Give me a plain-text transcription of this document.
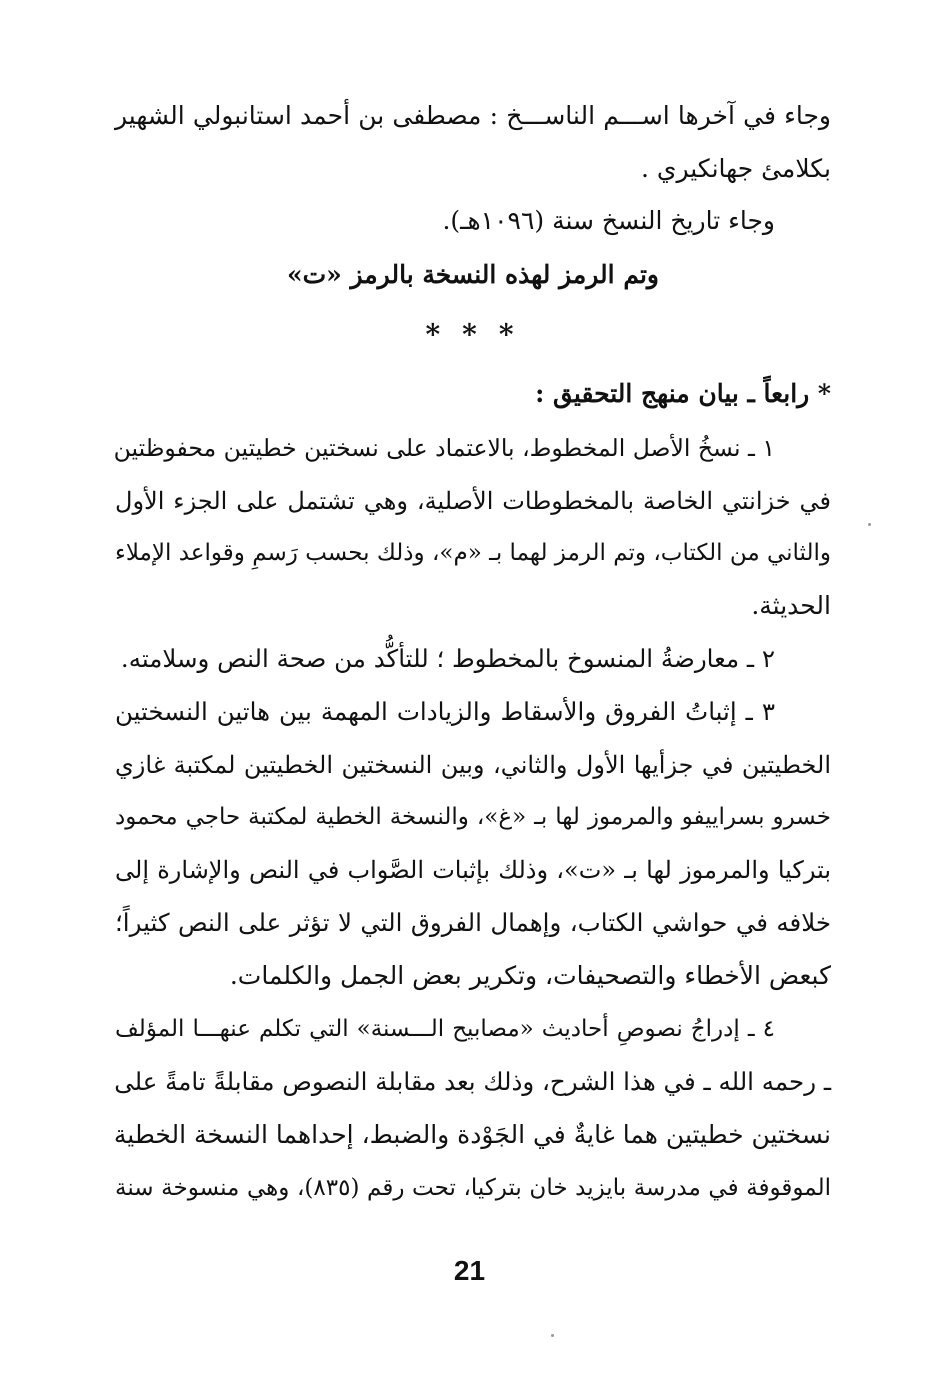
وجاء في آخرها اســـم الناســـخ : مصطفى بن أحمد استانبولي الشهير
بكلامئ جهانكيري .
وجاء تاريخ النسخ سنة (١٠٩٦هـ).
وتم الرمز لهذه النسخة بالرمز «ت»
***
* رابعاً ـ بيان منهج التحقيق :
١ ـ نسخُ الأصل المخطوط، بالاعتماد على نسختين خطيتين محفوظتين
في خزانتي الخاصة بالمخطوطات الأصلية، وهي تشتمل على الجزء الأول
والثاني من الكتاب، وتم الرمز لهما بـ «م»، وذلك بحسب رَسمِ وقواعد الإملاء
الحديثة.
٢ ـ معارضةُ المنسوخ بالمخطوط ؛ للتأكُّد من صحة النص وسلامته.
٣ ـ إثباتُ الفروق والأسقاط والزيادات المهمة بين هاتين النسختين
الخطيتين في جزأيها الأول والثاني، وبين النسختين الخطيتين لمكتبة غازي
خسرو بسراييفو والمرموز لها بـ «غ»، والنسخة الخطية لمكتبة حاجي محمود
بتركيا والمرموز لها بـ «ت»، وذلك بإثبات الصَّواب في النص والإشارة إلى
خلافه في حواشي الكتاب، وإهمال الفروق التي لا تؤثر على النص كثيراً؛
كبعض الأخطاء والتصحيفات، وتكرير بعض الجمل والكلمات.
٤ ـ إدراجُ نصوصِ أحاديث «مصابيح الـــسنة» التي تكلم عنهـــا المؤلف
ـ رحمه الله ـ في هذا الشرح، وذلك بعد مقابلة النصوص مقابلةً تامةً على
نسختين خطيتين هما غايةٌ في الجَوْدة والضبط، إحداهما النسخة الخطية
الموقوفة في مدرسة بايزيد خان بتركيا، تحت رقم (٨٣٥)، وهي منسوخة سنة
21
